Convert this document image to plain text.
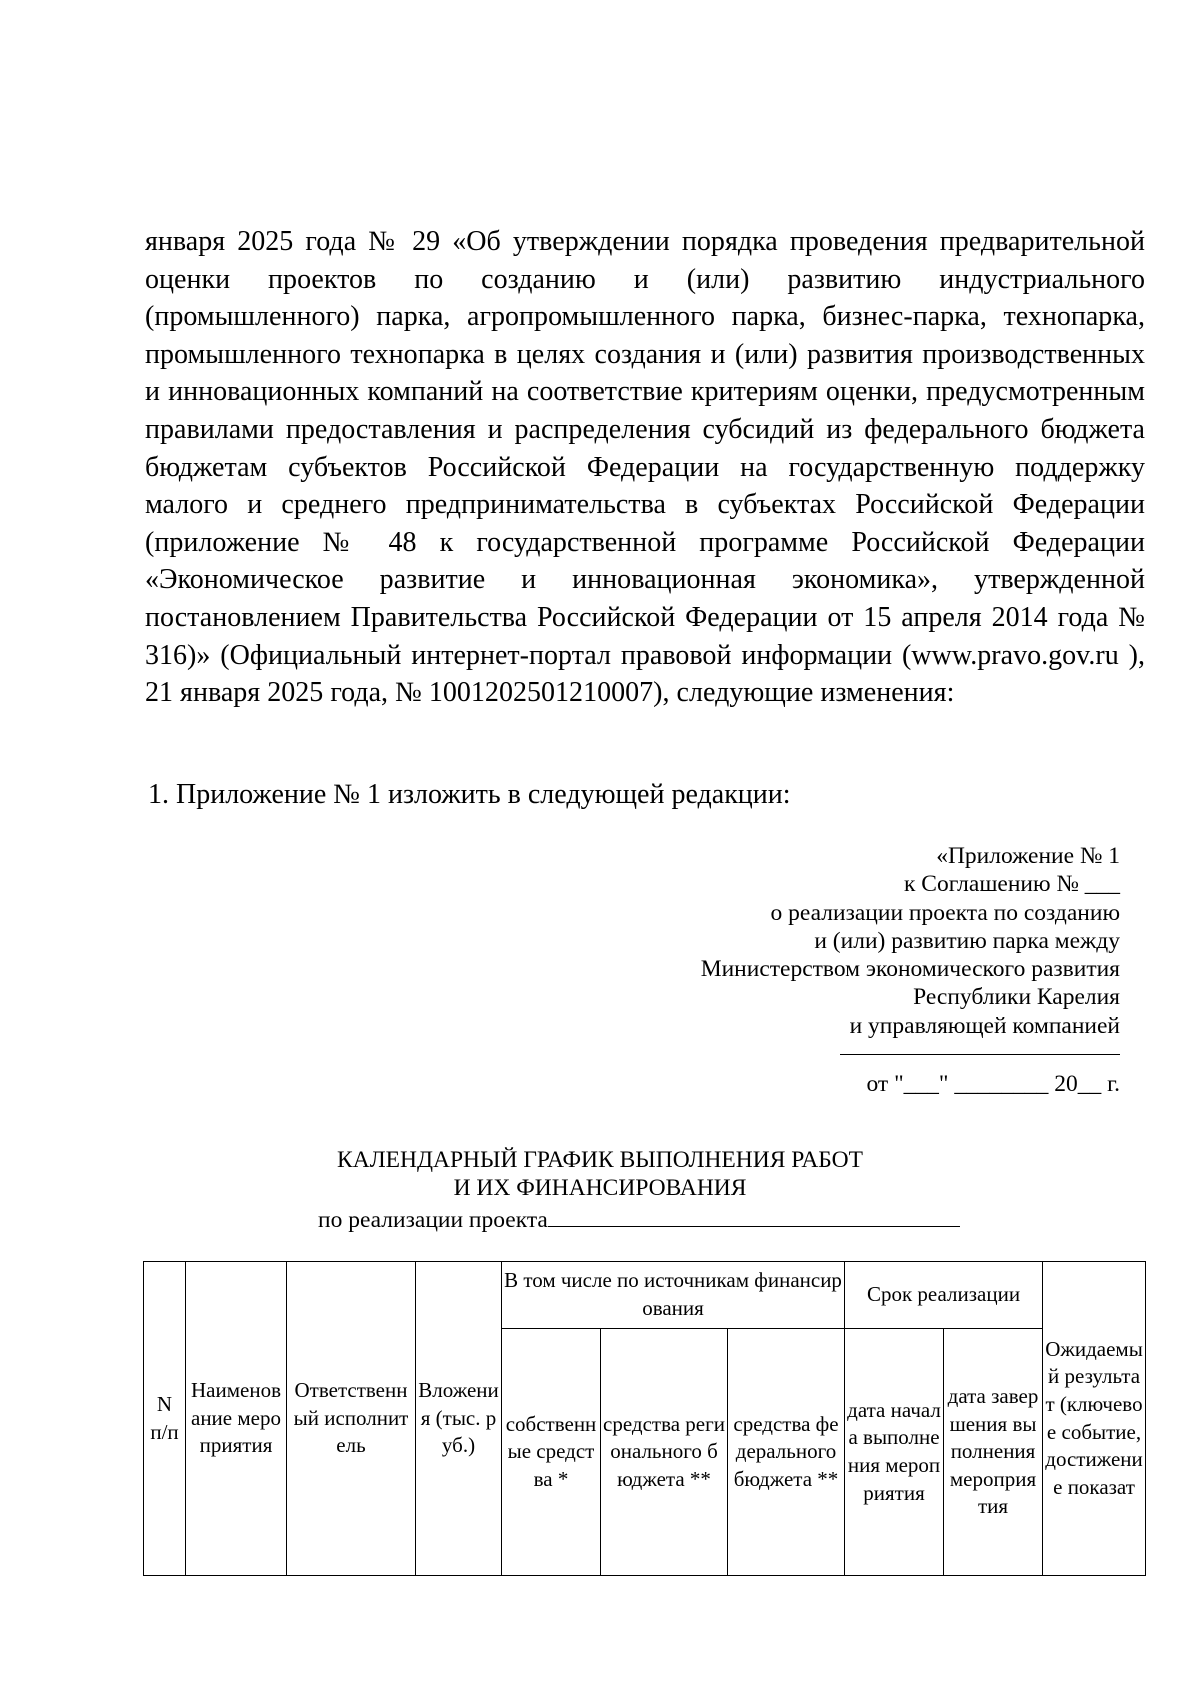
января 2025 года № 29 «Об утверждении порядка проведения предварительной оценки проектов по созданию и (или) развитию индустриального (промышленного) парка, агропромышленного парка, бизнес-парка, технопарка, промышленного технопарка в целях создания и (или) развития производственных и инновационных компаний на соответствие критериям оценки, предусмотренным правилами предоставления и распределения субсидий из федерального бюджета бюджетам субъектов Российской Федерации на государственную поддержку малого и среднего предпринимательства в субъектах Российской Федерации (приложение № 48 к государственной программе Российской Федерации «Экономическое развитие и инновационная экономика», утвержденной постановлением Правительства Российской Федерации от 15 апреля 2014 года № 316)» (Официальный интернет-портал правовой информации (www.pravo.gov.ru ), 21 января 2025 года, № 1001202501210007), следующие изменения:

1. Приложение № 1 изложить в следующей редакции:

«Приложение № 1
к Соглашению № ___
о реализации проекта по созданию
и (или) развитию парка между
Министерством экономического развития
Республики Карелия
и управляющей компанией
от "___" ________ 20__ г.
КАЛЕНДАРНЫЙ ГРАФИК ВЫПОЛНЕНИЯ РАБОТ
И ИХ ФИНАНСИРОВАНИЯ
по реализации проекта
N п/п	Наименование мероприятия	Ответственный исполнитель	Вложения (тыс. руб.)	В том числе по источникам финансирования			Срок реализации		Ожидаемый результат (ключевое событие, достижение показат
				собственные средства *	средства регионального бюджета **	средства федерального бюджета **	дата начала выполнения мероприятия	дата завершения выполнения мероприятия	
